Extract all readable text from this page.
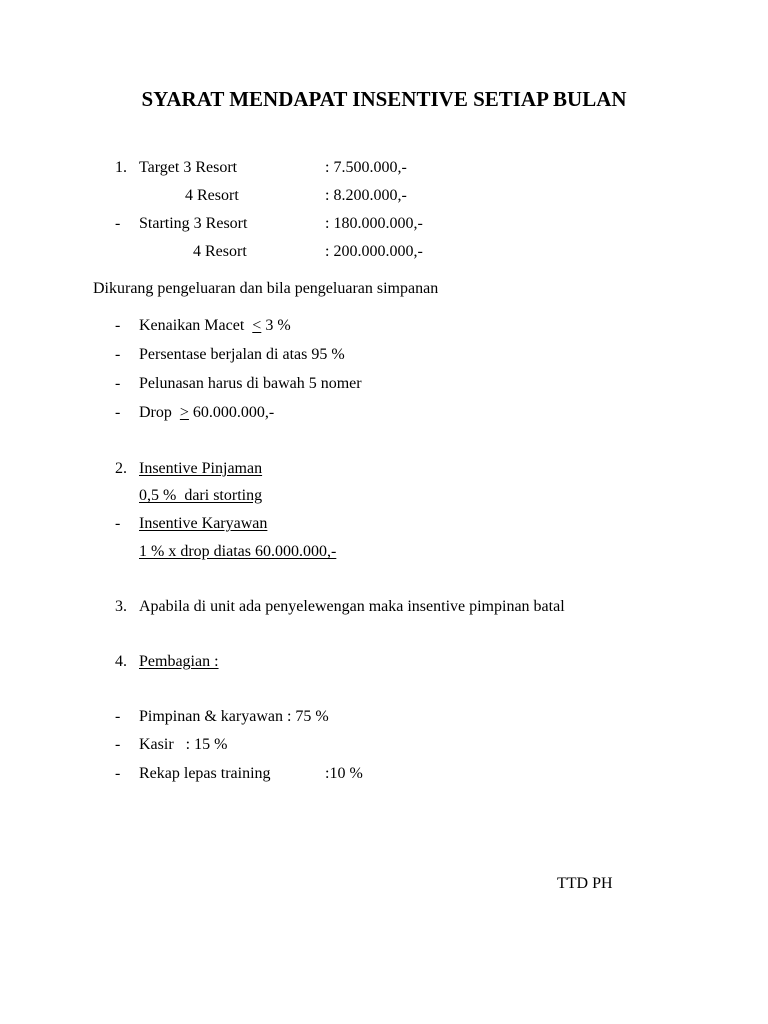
SYARAT MENDAPAT INSENTIVE SETIAP BULAN
1. Target 3 Resort	: 7.500.000,-
4 Resort	: 8.200.000,-
- Starting 3 Resort	: 180.000.000,-
4 Resort	: 200.000.000,-
Dikurang pengeluaran dan bila pengeluaran simpanan
- Kenaikan Macet  ≤ 3 %
- Persentase berjalan di atas 95 %
- Pelunasan harus di bawah 5 nomer
- Drop  ≥ 60.000.000,-
2. Insentive Pinjaman
0,5 %  dari storting
- Insentive Karyawan
1 % x drop diatas 60.000.000,-
3. Apabila di unit ada penyelewengan maka insentive pimpinan batal
4. Pembagian :
- Pimpinan & karyawan : 75 %
- Kasir   : 15 %
- Rekap lepas training	:10 %
TTD PH
